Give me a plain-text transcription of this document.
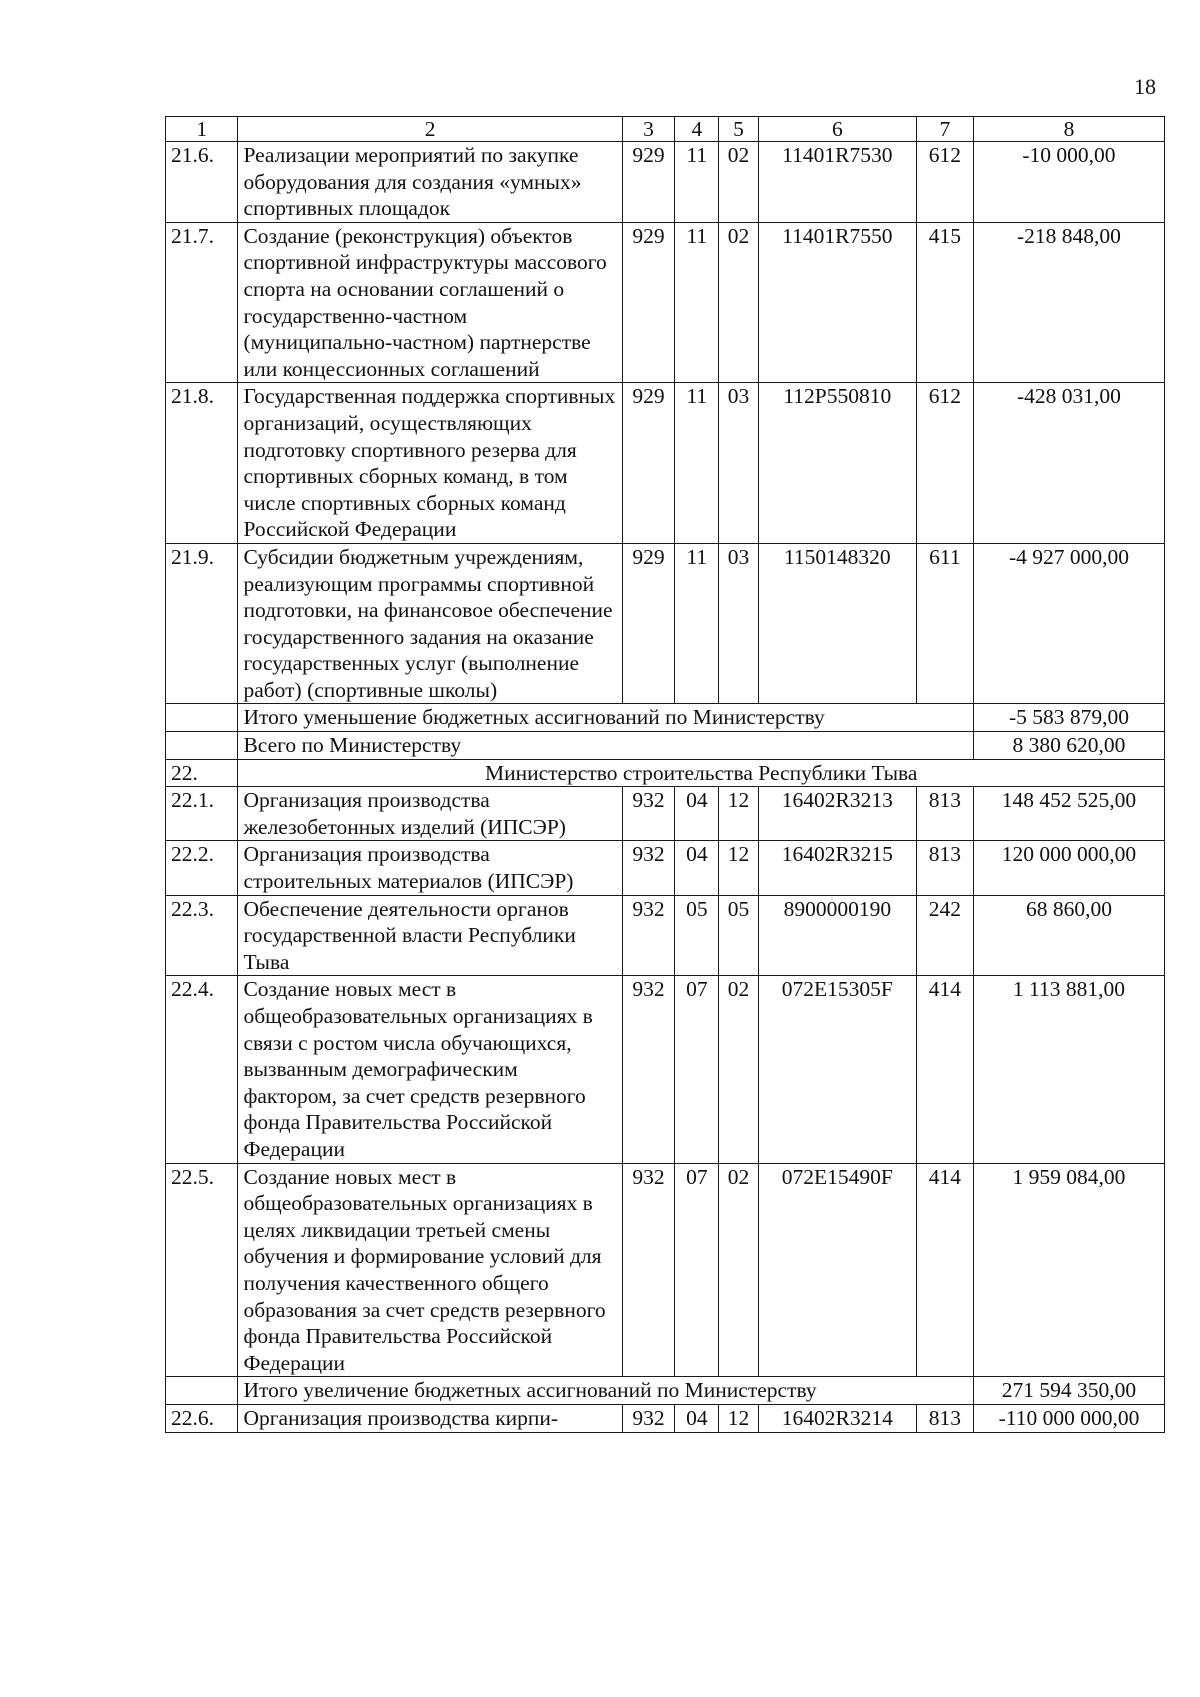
18
1	2	3	4	5	6	7	8
21.6.	Реализации мероприятий по закупке оборудования для создания «умных» спортивных площадок	929	11	02	11401R7530	612	-10 000,00
21.7.	Создание (реконструкция) объектов спортивной инфраструктуры массового спорта на основании соглашений о государственно-частном (муниципально-частном) партнерстве или концессионных соглашений	929	11	02	11401R7550	415	-218 848,00
21.8.	Государственная поддержка спортивных организаций, осуществляющих подготовку спортивного резерва для спортивных сборных команд, в том числе спортивных сборных команд Российской Федерации	929	11	03	112P550810	612	-428 031,00
21.9.	Субсидии бюджетным учреждениям, реализующим программы спортивной подготовки, на финансовое обеспечение государственного задания на оказание государственных услуг (выполнение работ) (спортивные школы)	929	11	03	1150148320	611	-4 927 000,00
	Итого уменьшение бюджетных ассигнований по Министерству						-5 583 879,00
	Всего по Министерству						8 380 620,00
22.	Министерство строительства Республики Тыва						
22.1.	Организация производства железобетонных изделий (ИПСЭР)	932	04	12	16402R3213	813	148 452 525,00
22.2.	Организация производства строительных материалов (ИПСЭР)	932	04	12	16402R3215	813	120 000 000,00
22.3.	Обеспечение деятельности органов государственной власти Республики Тыва	932	05	05	8900000190	242	68 860,00
22.4.	Создание новых мест в общеобразовательных организациях в связи с ростом числа обучающихся, вызванным демографическим фактором, за счет средств резервного фонда Правительства Российской Федерации	932	07	02	072E15305F	414	1 113 881,00
22.5.	Создание новых мест в общеобразовательных организациях в целях ликвидации третьей смены обучения и формирование условий для получения качественного общего образования за счет средств резервного фонда Правительства Российской Федерации	932	07	02	072E15490F	414	1 959 084,00
	Итого увеличение бюджетных ассигнований по Министерству						271 594 350,00
22.6.	Организация производства кирпи-	932	04	12	16402R3214	813	-110 000 000,00
